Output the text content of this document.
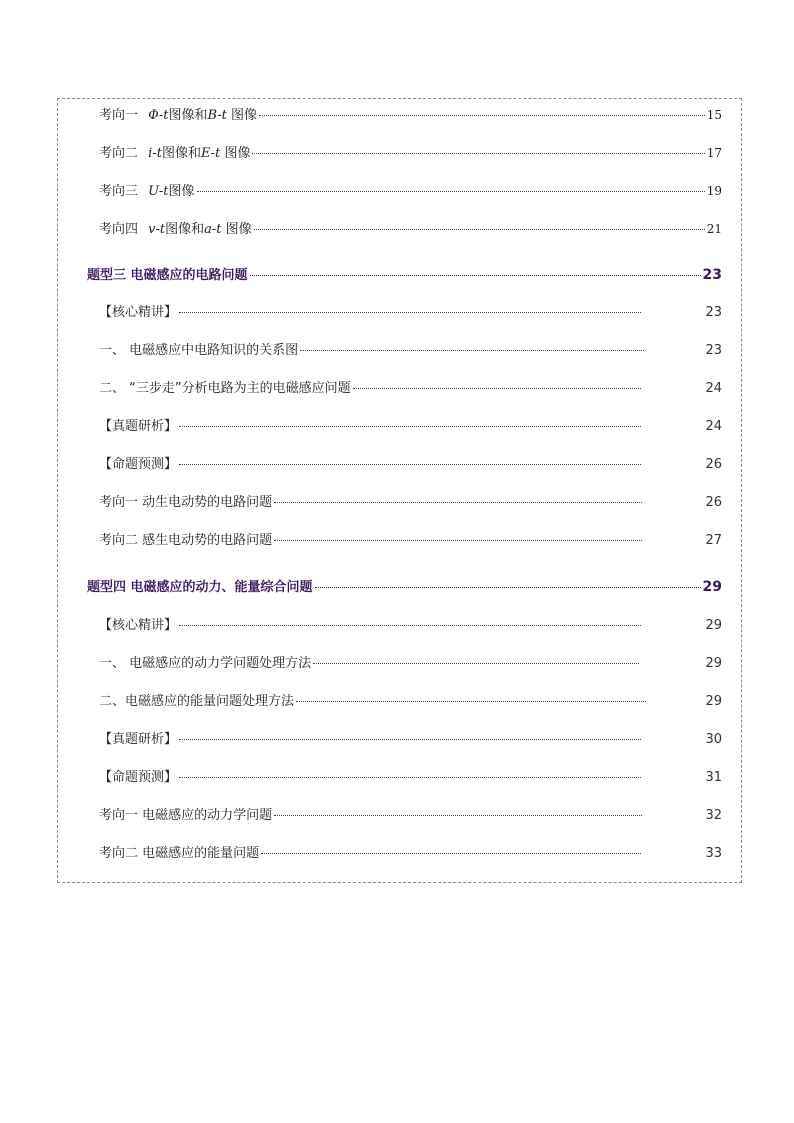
考向一 Φ-t图像和B-t 图像	15
考向二 i-t图像和E-t 图像	17
考向三 U-t图像	19
考向四 v-t图像和a-t 图像	21
题型三 电磁感应的电路问题	23
【核心精讲】	23
一、 电磁感应中电路知识的关系图	23
二、 “三步走”分析电路为主的电磁感应问题	24
【真题研析】	24
【命题预测】	26
考向一 动生电动势的电路问题	26
考向二 感生电动势的电路问题	27
题型四 电磁感应的动力、能量综合问题	29
【核心精讲】	29
一、 电磁感应的动力学问题处理方法	29
二、电磁感应的能量问题处理方法	29
【真题研析】	30
【命题预测】	31
考向一 电磁感应的动力学问题	32
考向二 电磁感应的能量问题	33
